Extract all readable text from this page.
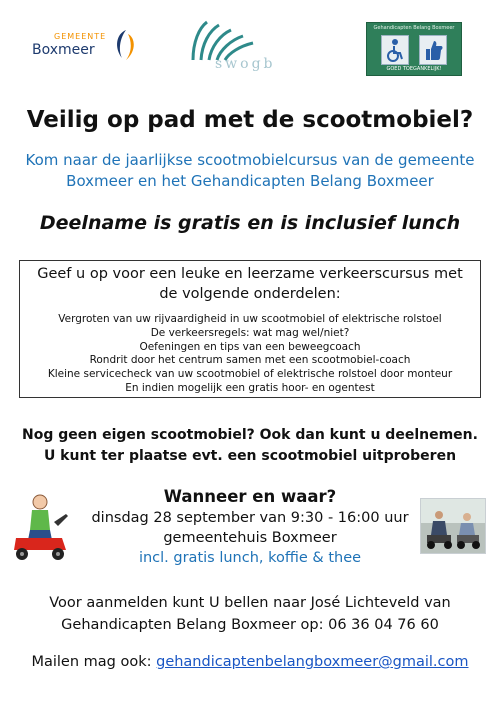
GEMEENTE
Boxmeer
swogb
Gehandicapten Belang Boxmeer
GOED TOEGANKELIJK!
Veilig op pad met de scootmobiel?
Kom naar de jaarlijkse scootmobielcursus van de gemeente
Boxmeer en het Gehandicapten Belang Boxmeer
Deelname is gratis en is inclusief lunch
Geef u op voor een leuke en leerzame verkeerscursus met
de volgende onderdelen:
Vergroten van uw rijvaardigheid in uw scootmobiel of elektrische rolstoel
De verkeersregels: wat mag wel/niet?
Oefeningen en tips van een beweegcoach
Rondrit door het centrum samen met een scootmobiel-coach
Kleine servicecheck van uw scootmobiel of elektrische rolstoel door monteur
En indien mogelijk een gratis hoor- en ogentest
Nog geen eigen scootmobiel? Ook dan kunt u deelnemen.
U kunt ter plaatse evt. een scootmobiel uitproberen
Wanneer en waar?
dinsdag 28 september van 9:30 - 16:00 uur
gemeentehuis Boxmeer
incl. gratis lunch, koffie & thee
Voor aanmelden kunt U bellen naar José Lichteveld van
Gehandicapten Belang Boxmeer op: 06 36 04 76 60
Mailen mag ook: gehandicaptenbelangboxmeer@gmail.com
